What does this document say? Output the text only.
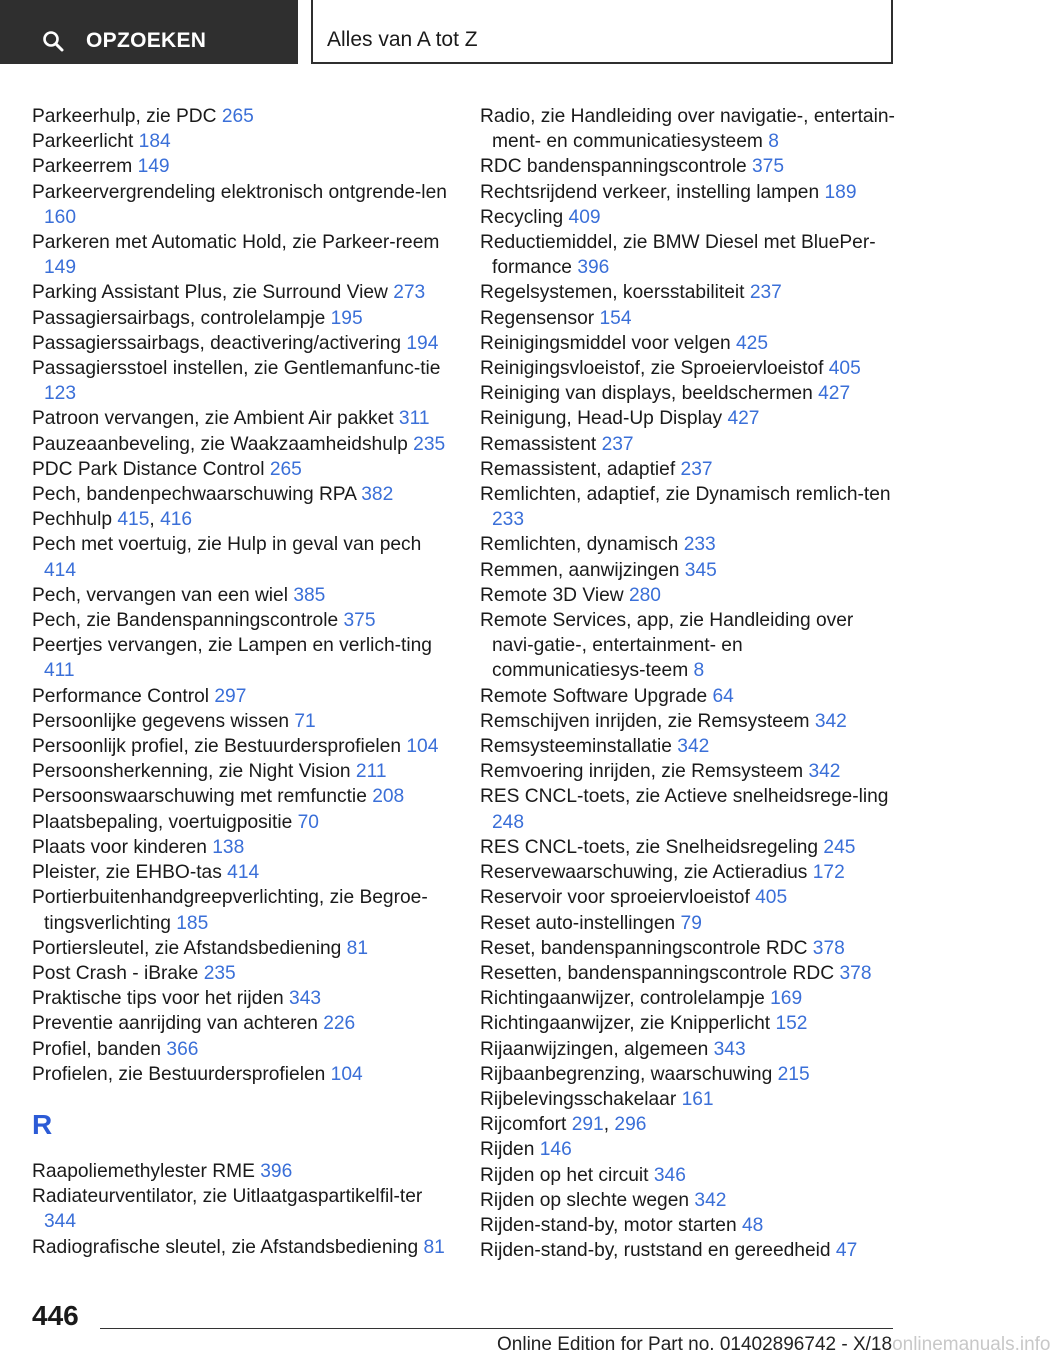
OPZOEKEN	Alles van A tot Z

Parkeerhulp, zie PDC 265

Parkeerlicht 184

Parkeerrem 149

Parkeervergrendeling elektronisch ontgrende-len 160

Parkeren met Automatic Hold, zie Parkeer-reem 149

Parking Assistant Plus, zie Surround View 273

Passagiersairbags, controlelampje 195

Passagierssairbags, deactivering/activering 194

Passagiersstoel instellen, zie Gentlemanfunc-tie 123

Patroon vervangen, zie Ambient Air pakket 311

Pauzeaanbeveling, zie Waakzaamheidshulp 235

PDC Park Distance Control 265

Pech, bandenpechwaarschuwing RPA 382

Pechhulp 415, 416

Pech met voertuig, zie Hulp in geval van pech 414

Pech, vervangen van een wiel 385

Pech, zie Bandenspanningscontrole 375

Peertjes vervangen, zie Lampen en verlich-ting 411

Performance Control 297

Persoonlijke gegevens wissen 71

Persoonlijk profiel, zie Bestuurdersprofielen 104

Persoonsherkenning, zie Night Vision 211

Persoonswaarschuwing met remfunctie 208

Plaatsbepaling, voertuigpositie 70

Plaats voor kinderen 138

Pleister, zie EHBO-tas 414

Portierbuitenhandgreepverlichting, zie Begroe-tingsverlichting 185

Portiersleutel, zie Afstandsbediening 81

Post Crash - iBrake 235

Praktische tips voor het rijden 343

Preventie aanrijding van achteren 226

Profiel, banden 366

Profielen, zie Bestuurdersprofielen 104

R

Raapoliemethylester RME 396

Radiateurventilator, zie Uitlaatgaspartikelfil-ter 344

Radiografische sleutel, zie Afstandsbediening 81

Radio, zie Handleiding over navigatie-, entertain-ment- en communicatiesysteem 8

RDC bandenspanningscontrole 375

Rechtsrijdend verkeer, instelling lampen 189

Recycling 409

Reductiemiddel, zie BMW Diesel met BluePer-formance 396

Regelsystemen, koersstabiliteit 237

Regensensor 154

Reinigingsmiddel voor velgen 425

Reinigingsvloeistof, zie Sproeiervloeistof 405

Reiniging van displays, beeldschermen 427

Reinigung, Head-Up Display 427

Remassistent 237

Remassistent, adaptief 237

Remlichten, adaptief, zie Dynamisch remlich-ten 233

Remlichten, dynamisch 233

Remmen, aanwijzingen 345

Remote 3D View 280

Remote Services, app, zie Handleiding over navi-gatie-, entertainment- en communicatiesys-teem 8

Remote Software Upgrade 64

Remschijven inrijden, zie Remsysteem 342

Remsysteeminstallatie 342

Remvoering inrijden, zie Remsysteem 342

RES CNCL-toets, zie Actieve snelheidsrege-ling 248

RES CNCL-toets, zie Snelheidsregeling 245

Reservewaarschuwing, zie Actieradius 172

Reservoir voor sproeiervloeistof 405

Reset auto-instellingen 79

Reset, bandenspanningscontrole RDC 378

Resetten, bandenspanningscontrole RDC 378

Richtingaanwijzer, controlelampje 169

Richtingaanwijzer, zie Knipperlicht 152

Rijaanwijzingen, algemeen 343

Rijbaanbegrenzing, waarschuwing 215

Rijbelevingsschakelaar 161

Rijcomfort 291, 296

Rijden 146

Rijden op het circuit 346

Rijden op slechte wegen 342

Rijden-stand-by, motor starten 48

Rijden-stand-by, ruststand en gereedheid 47

446
Online Edition for Part no. 01402896742 - X/18onlinemanuals.info
